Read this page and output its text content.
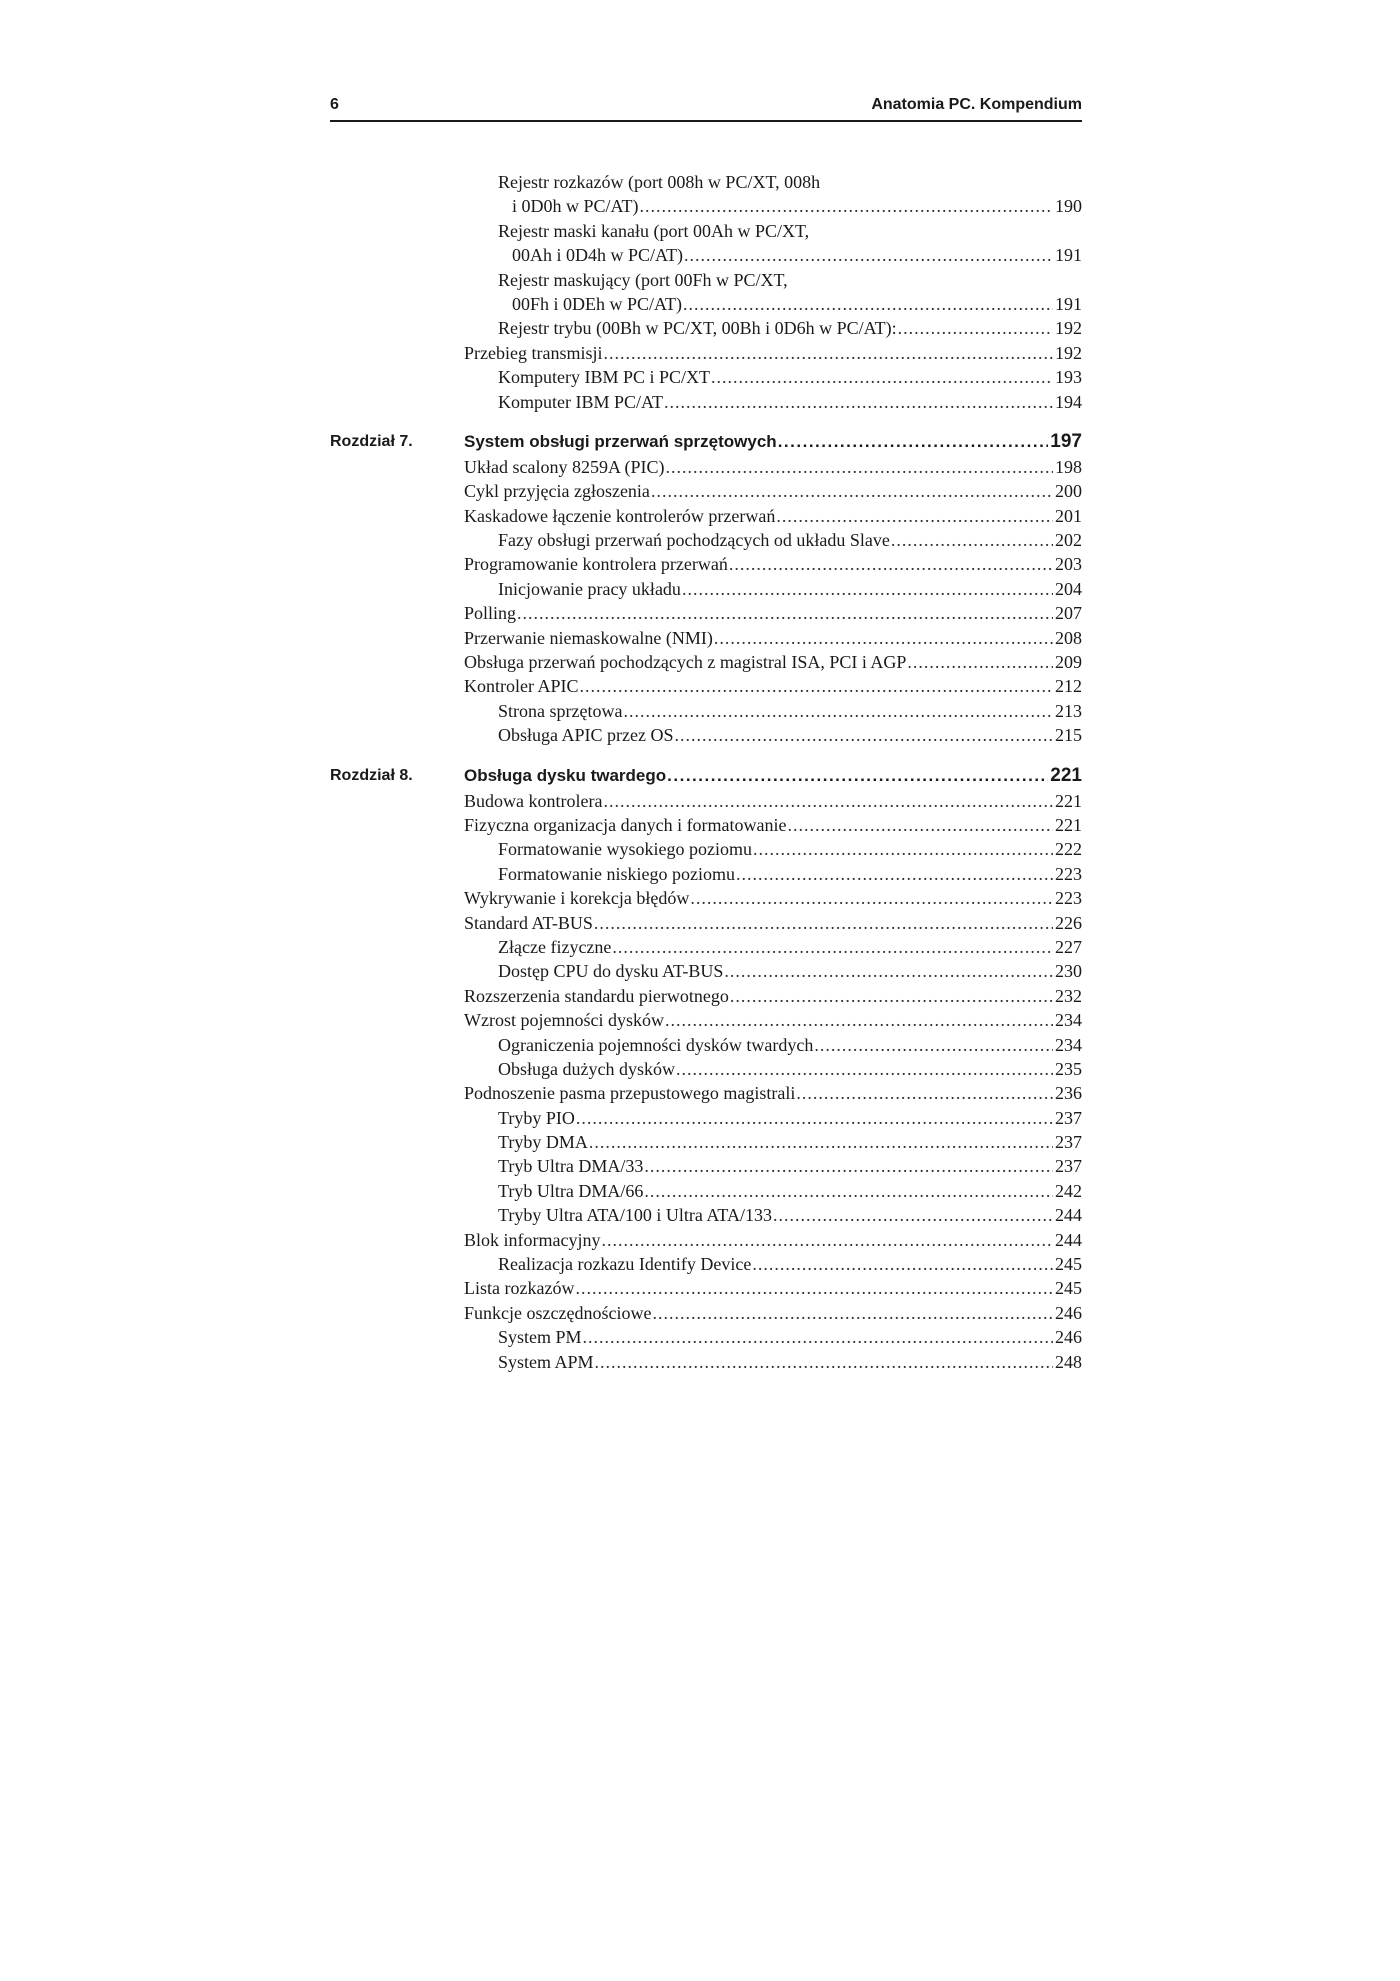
6	Anatomia PC. Kompendium
Rejestr rozkazów (port 008h w PC/XT, 008h
i 0D0h w PC/AT) .....	190
Rejestr maski kanału (port 00Ah w PC/XT,
00Ah i 0D4h w PC/AT) .....	191
Rejestr maskujący (port 00Fh w PC/XT,
00Fh i 0DEh w PC/AT) .....	191
Rejestr trybu (00Bh w PC/XT, 00Bh i 0D6h w PC/AT): .....	192
Przebieg transmisji .....	192
Komputery IBM PC i PC/XT .....	193
Komputer IBM PC/AT .....	194
Rozdział 7.	System obsługi przerwań sprzętowych .....	197
Układ scalony 8259A (PIC) .....	198
Cykl przyjęcia zgłoszenia .....	200
Kaskadowe łączenie kontrolerów przerwań .....	201
Fazy obsługi przerwań pochodzących od układu Slave .....	202
Programowanie kontrolera przerwań .....	203
Inicjowanie pracy układu .....	204
Polling .....	207
Przerwanie niemaskowalne (NMI) .....	208
Obsługa przerwań pochodzących z magistral ISA, PCI i AGP .....	209
Kontroler APIC .....	212
Strona sprzętowa .....	213
Obsługa APIC przez OS .....	215
Rozdział 8.	Obsługa dysku twardego .....	221
Budowa kontrolera .....	221
Fizyczna organizacja danych i formatowanie .....	221
Formatowanie wysokiego poziomu .....	222
Formatowanie niskiego poziomu .....	223
Wykrywanie i korekcja błędów .....	223
Standard AT-BUS .....	226
Złącze fizyczne .....	227
Dostęp CPU do dysku AT-BUS .....	230
Rozszerzenia standardu pierwotnego .....	232
Wzrost pojemności dysków .....	234
Ograniczenia pojemności dysków twardych .....	234
Obsługa dużych dysków .....	235
Podnoszenie pasma przepustowego magistrali .....	236
Tryby PIO .....	237
Tryby DMA .....	237
Tryb Ultra DMA/33 .....	237
Tryb Ultra DMA/66 .....	242
Tryby Ultra ATA/100 i Ultra ATA/133 .....	244
Blok informacyjny .....	244
Realizacja rozkazu Identify Device .....	245
Lista rozkazów .....	245
Funkcje oszczędnościowe .....	246
System PM .....	246
System APM .....	248
